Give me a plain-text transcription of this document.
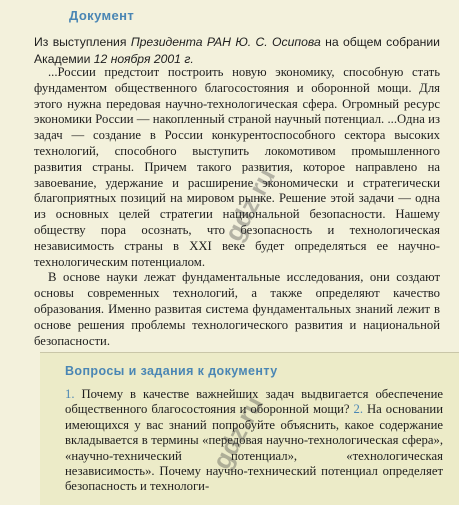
Документ
Из выступления Президента РАН Ю. С. Осипова на общем собрании Академии 12 ноября 2001 г.

...России предстоит построить новую экономику, способную стать фундаментом общественного благосостояния и оборонной мощи. Для этого нужна передовая научно-технологическая сфера. Огромный ресурс экономики России — накопленный страной научный потенциал. ...Одна из задач — создание в России конкурентоспособного сектора высоких технологий, способного выступить локомотивом промышленного развития страны. Причем такого развития, которое направлено на завоевание, удержание и расширение экономически и стратегически благоприятных позиций на мировом рынке. Решение этой задачи — одна из основных целей стратегии национальной безопасности. Нашему обществу пора осознать, что безопасность и технологическая независимость страны в XXI веке будет определяться ее научно-технологическим потенциалом.

В основе науки лежат фундаментальные исследования, они создают основы современных технологий, а также определяют качество образования. Именно развитая система фундаментальных знаний лежит в основе решения проблемы технологического развития и национальной безопасности.

Вопросы и задания к документу

1. Почему в качестве важнейших задач выдвигается обеспечение общественного благосостояния и оборонной мощи? 2. На основании имеющихся у вас знаний попробуйте объяснить, какое содержание вкладывается в термины «передовая научно-технологическая сфера», «научно-технический потенциал», «технологическая независимость». Почему научно-технический потенциал определяет безопасность и технологи-

gdz.ru
gdz.ru
